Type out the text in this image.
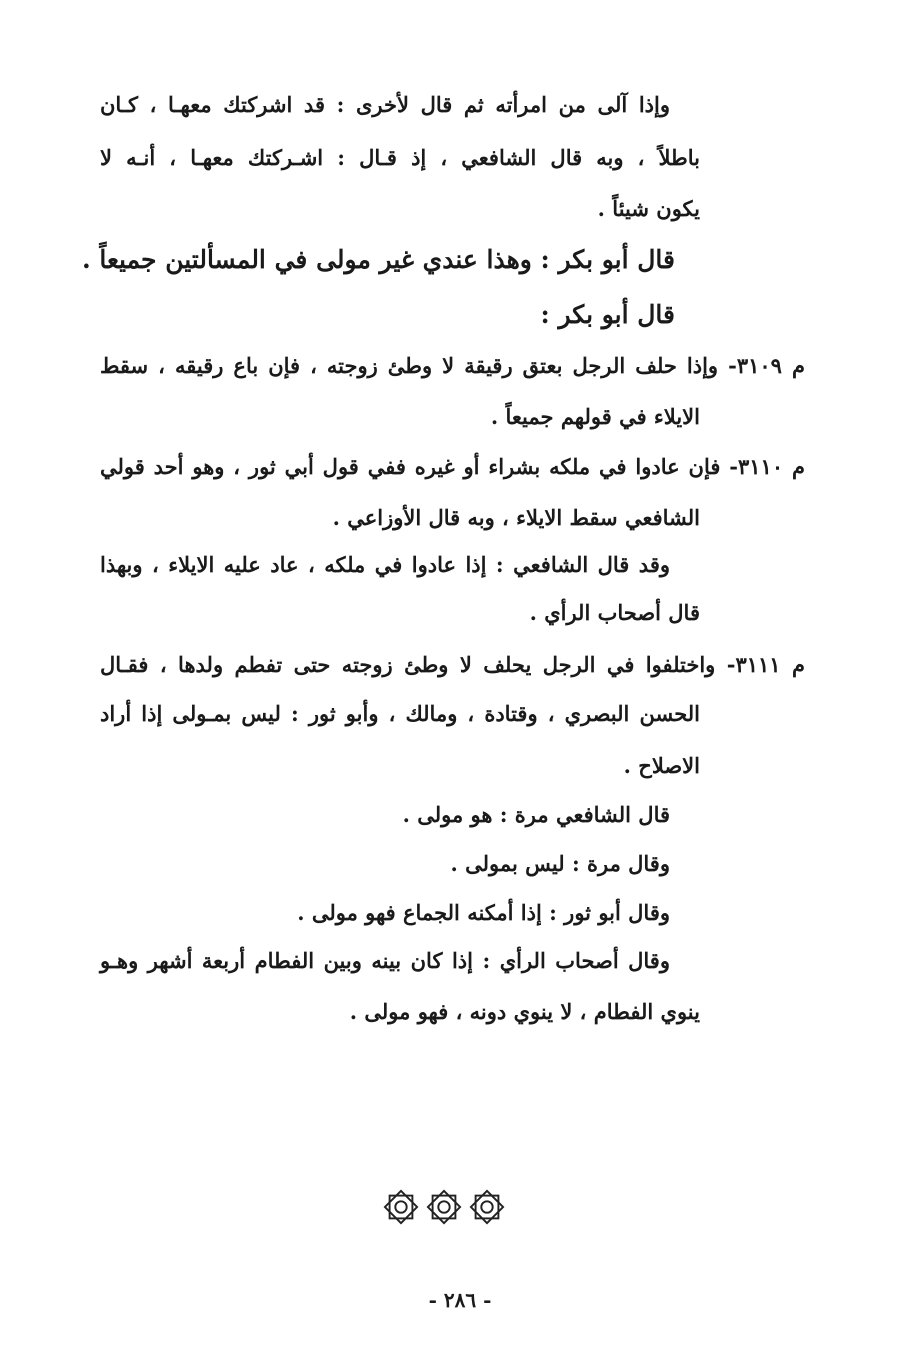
وإذا آلى من امرأته ثم قال لأخرى : قد اشركتك معهـا ، كـان
باطلاً ، وبه قال الشافعي ، إذ قـال : اشـركتك معهـا ، أنـه لا
يكون شيئاً .
قال أبو بكر : وهذا عندي غير مولى في المسألتين جميعاً .
قال أبو بكر :
م ٣١٠٩- وإذا حلف الرجل بعتق رقيقة لا وطئ زوجته ، فإن باع رقيقه ، سقط
الايلاء في قولهم جميعاً .
م ٣١١٠- فإن عادوا في ملكه بشراء أو غيره ففي قول أبي ثور ، وهو أحد قولي
الشافعي سقط الايلاء ، وبه قال الأوزاعي .
وقد قال الشافعي : إذا عادوا في ملكه ، عاد عليه الايلاء ، وبهذا
قال أصحاب الرأي .
م ٣١١١- واختلفوا في الرجل يحلف لا وطئ زوجته حتى تفطم ولدها ، فقـال
الحسن البصري ، وقتادة ، ومالك ، وأبو ثور : ليس بمـولى إذا أراد
الاصلاح .
قال الشافعي مرة : هو مولى .
وقال مرة : ليس بمولى .
وقال أبو ثور : إذا أمكنه الجماع فهو مولى .
وقال أصحاب الرأي : إذا كان بينه وبين الفطام أربعة أشهر وهـو
ينوي الفطام ، لا ينوي دونه ، فهو مولى .
- ٢٨٦ -
